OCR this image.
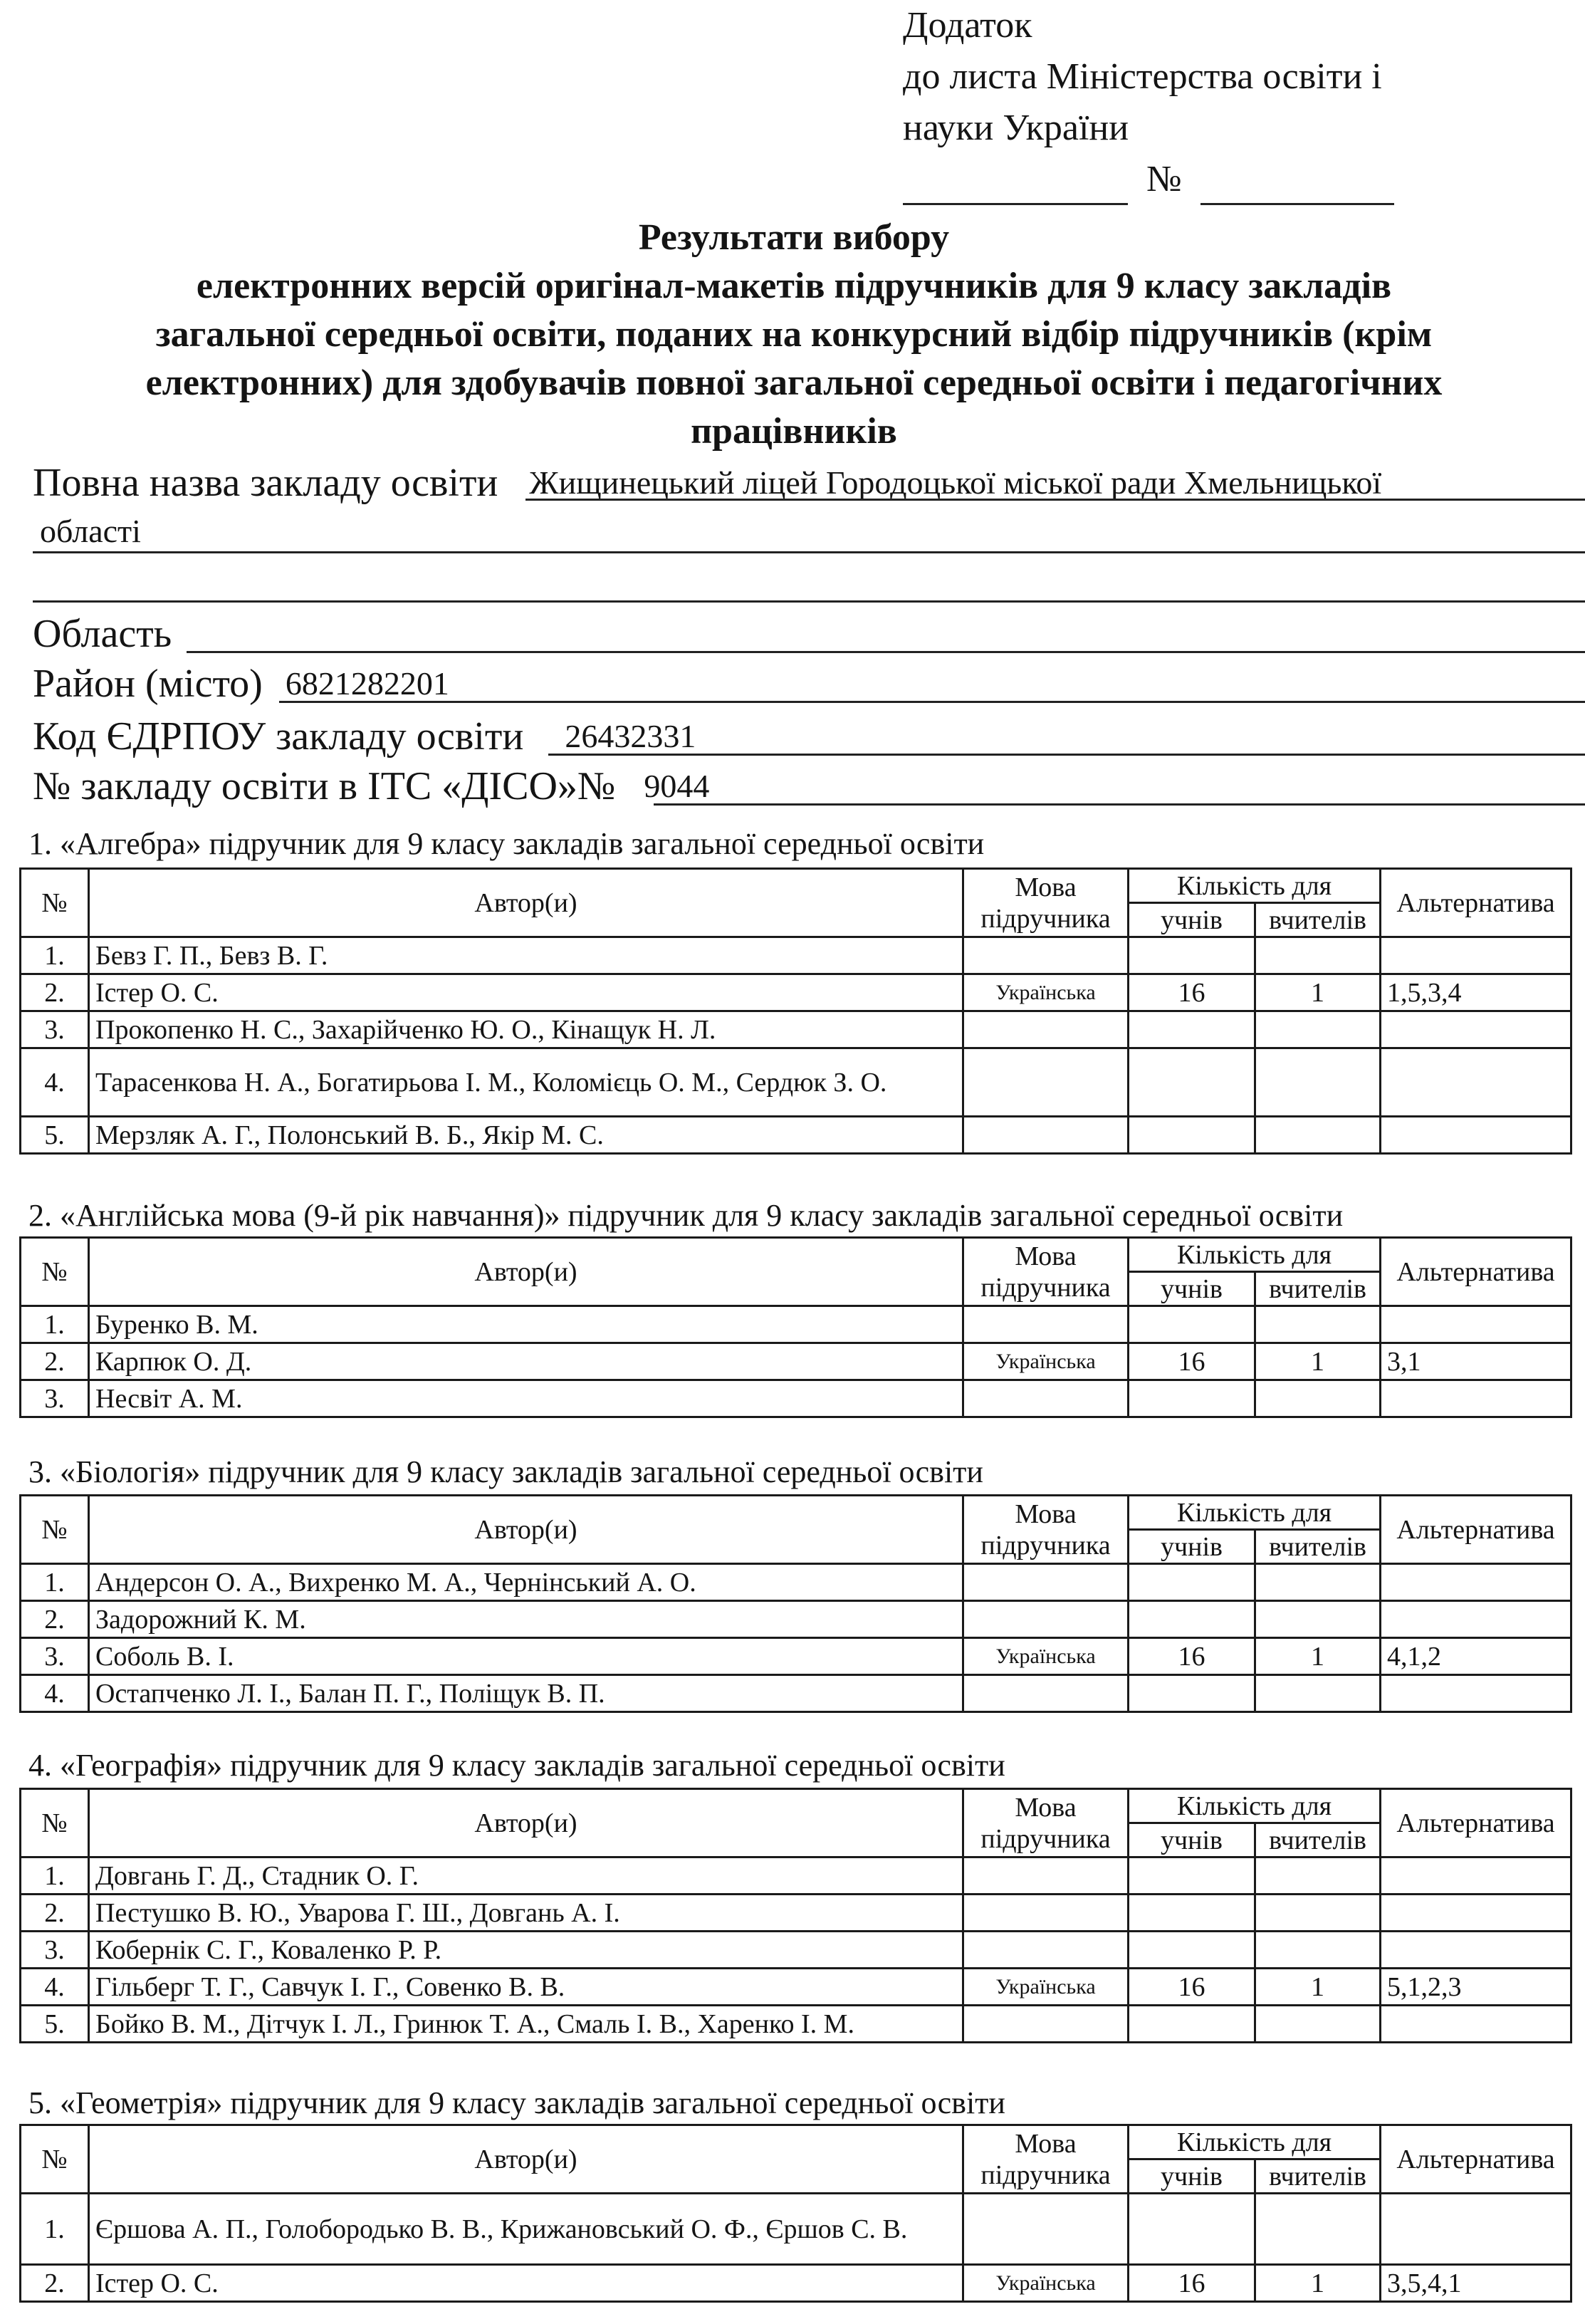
Додаток
до листа Міністерства освіти і
науки України
№
Результати вибору
електронних версій оригінал-макетів підручників для 9 класу закладів
загальної середньої освіти, поданих на конкурсний відбір підручників (крім
електронних) для здобувачів повної загальної середньої освіти і педагогічних
працівників
Повна назва закладу освіти Жищинецький ліцей Городоцької міської ради Хмельницької
області
Область
Район (місто) 6821282201
Код ЄДРПОУ закладу освіти 26432331
№ закладу освіти в ІТС «ДІСО»№ 9044
1. «Алгебра» підручник для 9 класу закладів загальної середньої освіти
№	Автор(и)	Мова
підручника	Кількість для		Альтернатива
			учнів	вчителів	
1.	Бевз Г. П., Бевз В. Г.				
2.	Істер О. С.	Українська	16	1	1,5,3,4
3.	Прокопенко Н. С., Захарійченко Ю. О., Кінащук Н. Л.				
4.	Тарасенкова Н. А., Богатирьова І. М., Коломієць О. М., Сердюк З. О.				
5.	Мерзляк А. Г., Полонський В. Б., Якір М. С.				
2. «Англійська мова (9-й рік навчання)» підручник для 9 класу закладів загальної середньої освіти
№	Автор(и)	Мова
підручника	Кількість для		Альтернатива
			учнів	вчителів	
1.	Буренко В. М.				
2.	Карпюк О. Д.	Українська	16	1	3,1
3.	Несвіт А. М.				
3. «Біологія» підручник для 9 класу закладів загальної середньої освіти
№	Автор(и)	Мова
підручника	Кількість для		Альтернатива
			учнів	вчителів	
1.	Андерсон О. А., Вихренко М. А., Чернінський А. О.				
2.	Задорожний К. М.				
3.	Соболь В. І.	Українська	16	1	4,1,2
4.	Остапченко Л. І., Балан П. Г., Поліщук В. П.				
4. «Географія» підручник для 9 класу закладів загальної середньої освіти
№	Автор(и)	Мова
підручника	Кількість для		Альтернатива
			учнів	вчителів	
1.	Довгань Г. Д., Стадник О. Г.				
2.	Пестушко В. Ю., Уварова Г. Ш., Довгань А. І.				
3.	Кобернік С. Г., Коваленко Р. Р.				
4.	Гільберг Т. Г., Савчук І. Г., Совенко В. В.	Українська	16	1	5,1,2,3
5.	Бойко В. М., Дітчук І. Л., Гринюк Т. А., Смаль І. В., Харенко І. М.				
5. «Геометрія» підручник для 9 класу закладів загальної середньої освіти
№	Автор(и)	Мова
підручника	Кількість для		Альтернатива
			учнів	вчителів	
1.	Єршова А. П., Голобородько В. В., Крижановський О. Ф., Єршов С. В.				
2.	Істер О. С.	Українська	16	1	3,5,4,1
